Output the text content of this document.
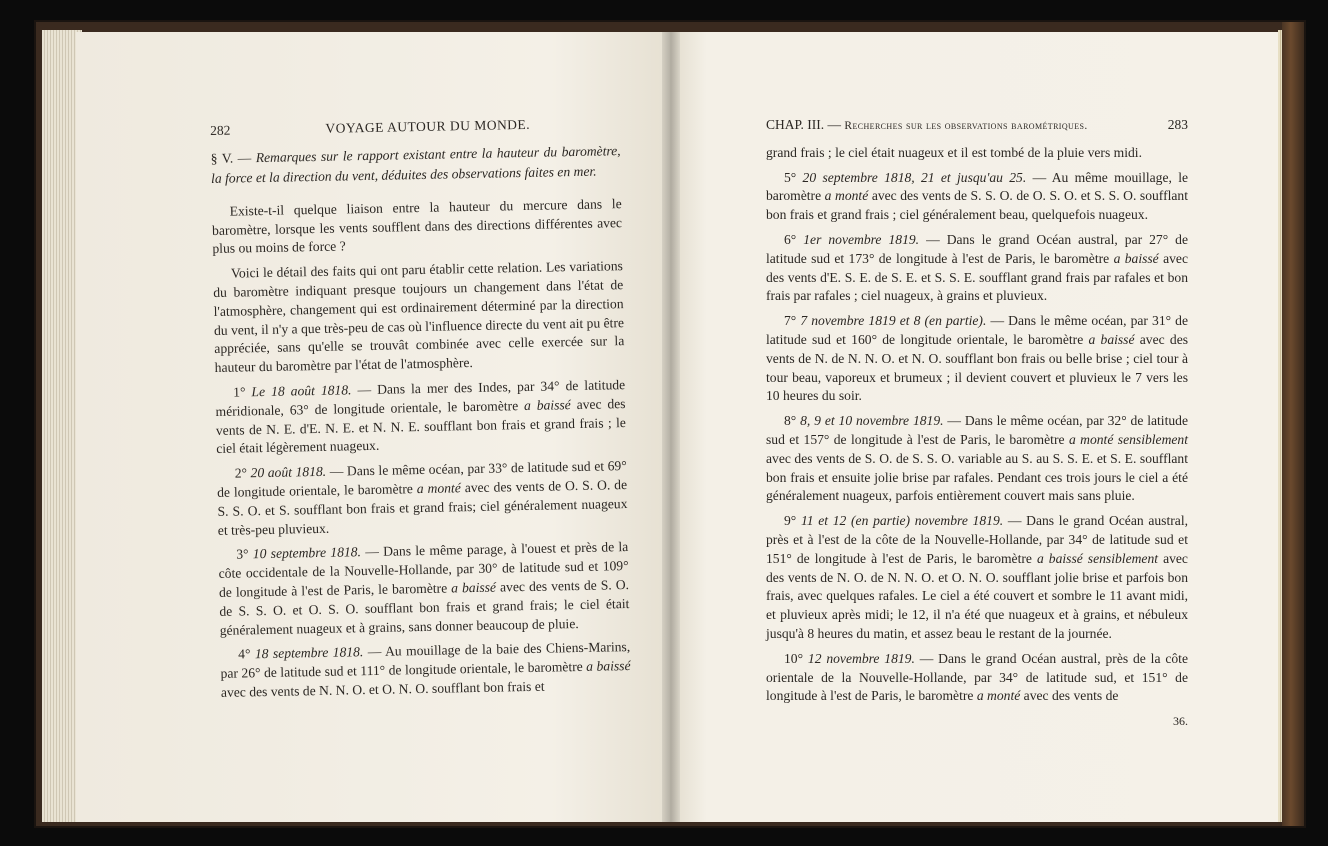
282	VOYAGE AUTOUR DU MONDE.

§ V. — Remarques sur le rapport existant entre la hauteur du baromètre, la force et la direction du vent, déduites des observations faites en mer.

Existe-t-il quelque liaison entre la hauteur du mercure dans le baromètre, lorsque les vents soufflent dans des directions différentes avec plus ou moins de force ?

Voici le détail des faits qui ont paru établir cette relation. Les variations du baromètre indiquant presque toujours un changement dans l'état de l'atmosphère, changement qui est ordinairement déterminé par la direction du vent, il n'y a que très-peu de cas où l'influence directe du vent ait pu être appréciée, sans qu'elle se trouvât combinée avec celle exercée sur la hauteur du baromètre par l'état de l'atmosphère.

1° Le 18 août 1818. — Dans la mer des Indes, par 34° de latitude méridionale, 63° de longitude orientale, le baromètre a baissé avec des vents de N. E. d'E. N. E. et N. N. E. soufflant bon frais et grand frais ; le ciel était légèrement nuageux.

2° 20 août 1818. — Dans le même océan, par 33° de latitude sud et 69° de longitude orientale, le baromètre a monté avec des vents de O. S. O. de S. S. O. et S. soufflant bon frais et grand frais; ciel généralement nuageux et très-peu pluvieux.

3° 10 septembre 1818. — Dans le même parage, à l'ouest et près de la côte occidentale de la Nouvelle-Hollande, par 30° de latitude sud et 109° de longitude à l'est de Paris, le baromètre a baissé avec des vents de S. O. de S. S. O. et O. S. O. soufflant bon frais et grand frais; le ciel était généralement nuageux et à grains, sans donner beaucoup de pluie.

4° 18 septembre 1818. — Au mouillage de la baie des Chiens-Marins, par 26° de latitude sud et 111° de longitude orientale, le baromètre a baissé avec des vents de N. N. O. et O. N. O. soufflant bon frais et

CHAP. III. — Recherches sur les observations barométriques.	283

grand frais ; le ciel était nuageux et il est tombé de la pluie vers midi.

5° 20 septembre 1818, 21 et jusqu'au 25. — Au même mouillage, le baromètre a monté avec des vents de S. S. O. de O. S. O. et S. S. O. soufflant bon frais et grand frais ; ciel généralement beau, quelquefois nuageux.

6° 1er novembre 1819. — Dans le grand Océan austral, par 27° de latitude sud et 173° de longitude à l'est de Paris, le baromètre a baissé avec des vents d'E. S. E. de S. E. et S. S. E. soufflant grand frais par rafales et bon frais par rafales ; ciel nuageux, à grains et pluvieux.

7° 7 novembre 1819 et 8 (en partie). — Dans le même océan, par 31° de latitude sud et 160° de longitude orientale, le baromètre a baissé avec des vents de N. de N. N. O. et N. O. soufflant bon frais ou belle brise ; ciel tour à tour beau, vaporeux et brumeux ; il devient couvert et pluvieux le 7 vers les 10 heures du soir.

8° 8, 9 et 10 novembre 1819. — Dans le même océan, par 32° de latitude sud et 157° de longitude à l'est de Paris, le baromètre a monté sensiblement avec des vents de S. O. de S. S. O. variable au S. au S. S. E. et S. E. soufflant bon frais et ensuite jolie brise par rafales. Pendant ces trois jours le ciel a été généralement nuageux, parfois entièrement couvert mais sans pluie.

9° 11 et 12 (en partie) novembre 1819. — Dans le grand Océan austral, près et à l'est de la côte de la Nouvelle-Hollande, par 34° de latitude sud et 151° de longitude à l'est de Paris, le baromètre a baissé sensiblement avec des vents de N. O. de N. N. O. et O. N. O. soufflant jolie brise et parfois bon frais, avec quelques rafales. Le ciel a été couvert et sombre le 11 avant midi, et pluvieux après midi; le 12, il n'a été que nuageux et à grains, et nébuleux jusqu'à 8 heures du matin, et assez beau le restant de la journée.

10° 12 novembre 1819. — Dans le grand Océan austral, près de la côte orientale de la Nouvelle-Hollande, par 34° de latitude sud, et 151° de longitude à l'est de Paris, le baromètre a monté avec des vents de

36.
